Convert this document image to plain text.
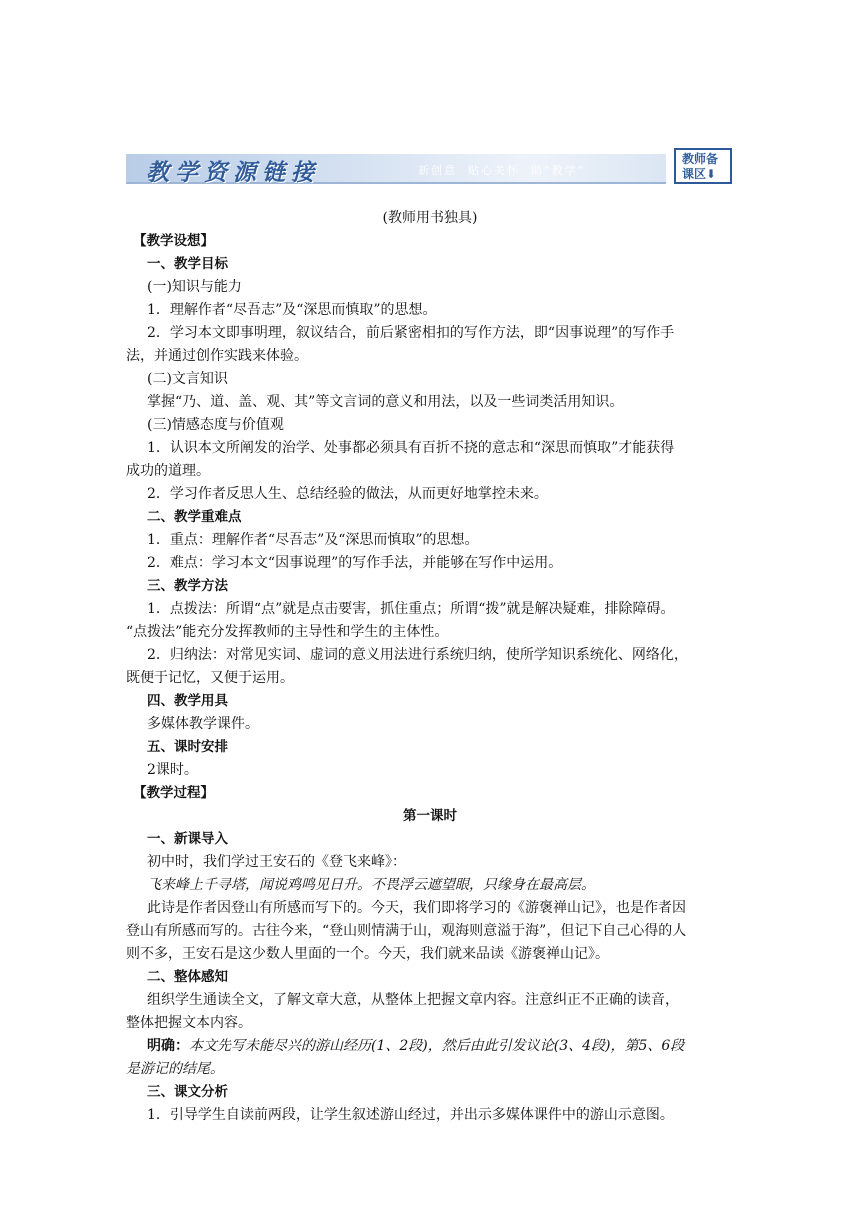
教学资源链接	新创意  贴心关怀  助“教学”
教师备
课区⬇

(教师用书独具)

【教学设想】

一、教学目标

(一)知识与能力

1．理解作者“尽吾志”及“深思而慎取”的思想。

2．学习本文即事明理，叙议结合，前后紧密相扣的写作方法，即“因事说理”的写作手

法，并通过创作实践来体验。

(二)文言知识

掌握“乃、道、盖、观、其”等文言词的意义和用法，以及一些词类活用知识。

(三)情感态度与价值观

1．认识本文所阐发的治学、处事都必须具有百折不挠的意志和“深思而慎取”才能获得

成功的道理。

2．学习作者反思人生、总结经验的做法，从而更好地掌控未来。

二、教学重难点

1．重点：理解作者“尽吾志”及“深思而慎取”的思想。

2．难点：学习本文“因事说理”的写作手法，并能够在写作中运用。

三、教学方法

1．点拨法：所谓“点”就是点击要害，抓住重点；所谓“拨”就是解决疑难，排除障碍。

“点拨法”能充分发挥教师的主导性和学生的主体性。

2．归纳法：对常见实词、虚词的意义用法进行系统归纳，使所学知识系统化、网络化，

既便于记忆，又便于运用。

四、教学用具

多媒体教学课件。

五、课时安排

2课时。

【教学过程】

第一课时

一、新课导入

初中时，我们学过王安石的《登飞来峰》：

飞来峰上千寻塔，闻说鸡鸣见日升。不畏浮云遮望眼，只缘身在最高层。

此诗是作者因登山有所感而写下的。今天，我们即将学习的《游褒禅山记》，也是作者因

登山有所感而写的。古往今来，“登山则情满于山，观海则意溢于海”，但记下自己心得的人

则不多，王安石是这少数人里面的一个。今天，我们就来品读《游褒禅山记》。

二、整体感知

组织学生通读全文，了解文章大意，从整体上把握文章内容。注意纠正不正确的读音，

整体把握文本内容。

明确：本文先写未能尽兴的游山经历(1、2段)，然后由此引发议论(3、4段)，第5、6段

是游记的结尾。

三、课文分析

1．引导学生自读前两段，让学生叙述游山经过，并出示多媒体课件中的游山示意图。
